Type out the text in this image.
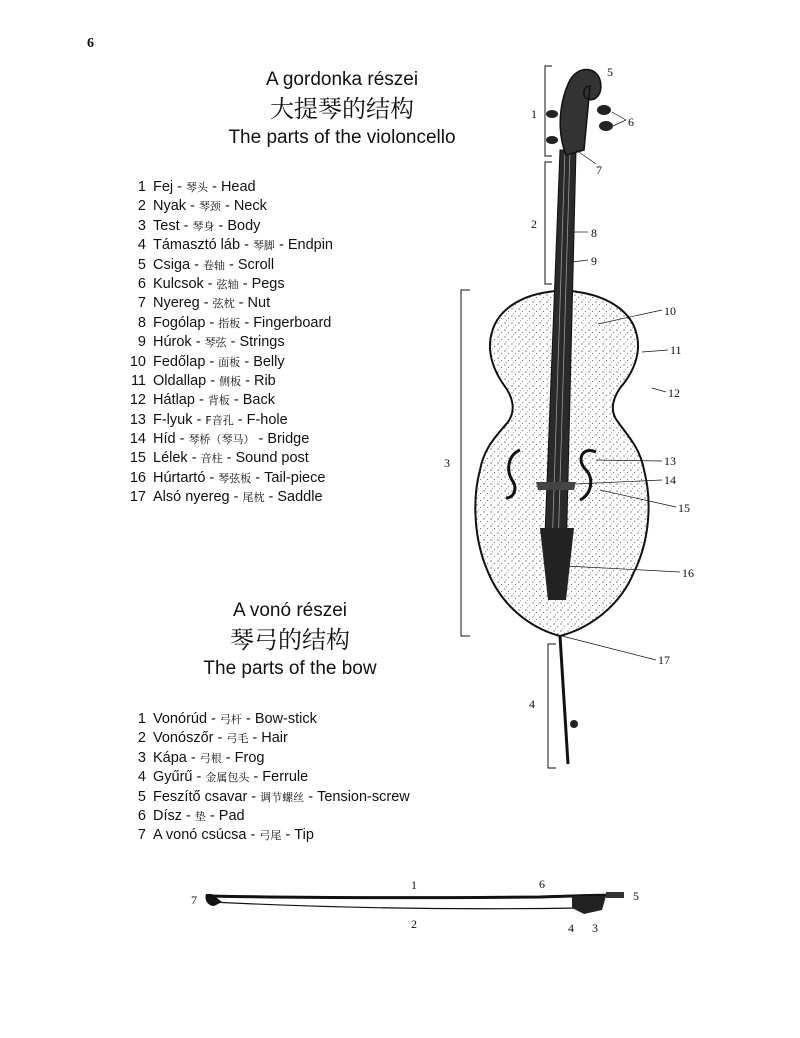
6
A gordonka részei
大提琴的结构
The parts of the violoncello
1 Fej - 琴头 - Head
2 Nyak - 琴颈 - Neck
3 Test - 琴身 - Body
4 Támasztó láb - 琴脚 - Endpin
5 Csiga - 卷轴 - Scroll
6 Kulcsok - 弦轴 - Pegs
7 Nyereg - 弦枕 - Nut
8 Fogólap - 指板 - Fingerboard
9 Húrok - 琴弦 - Strings
10 Fedőlap - 面板 - Belly
11 Oldallap - 侧板 - Rib
12 Hátlap - 背板 - Back
13 F-lyuk - F音孔 - F-hole
14 Híd - 琴桥（琴马） - Bridge
15 Lélek - 音柱 - Sound post
16 Húrtartó - 琴弦板 - Tail-piece
17 Alsó nyereg - 尾枕 - Saddle
A vonó részei
琴弓的结构
The parts of the bow
1 Vonórúd - 弓杆 - Bow-stick
2 Vonószőr - 弓毛 - Hair
3 Kápa - 弓根 - Frog
4 Gyűrű - 金属包头 - Ferrule
5 Feszítő csavar - 调节螺丝 - Tension-screw
6 Dísz - 垫 - Pad
7 A vonó csúcsa - 弓尾 - Tip
1
2
3
4
5
6
7
8
9
10
11
12
13
14
15
16
17
1
2	3
4
5
6
7
